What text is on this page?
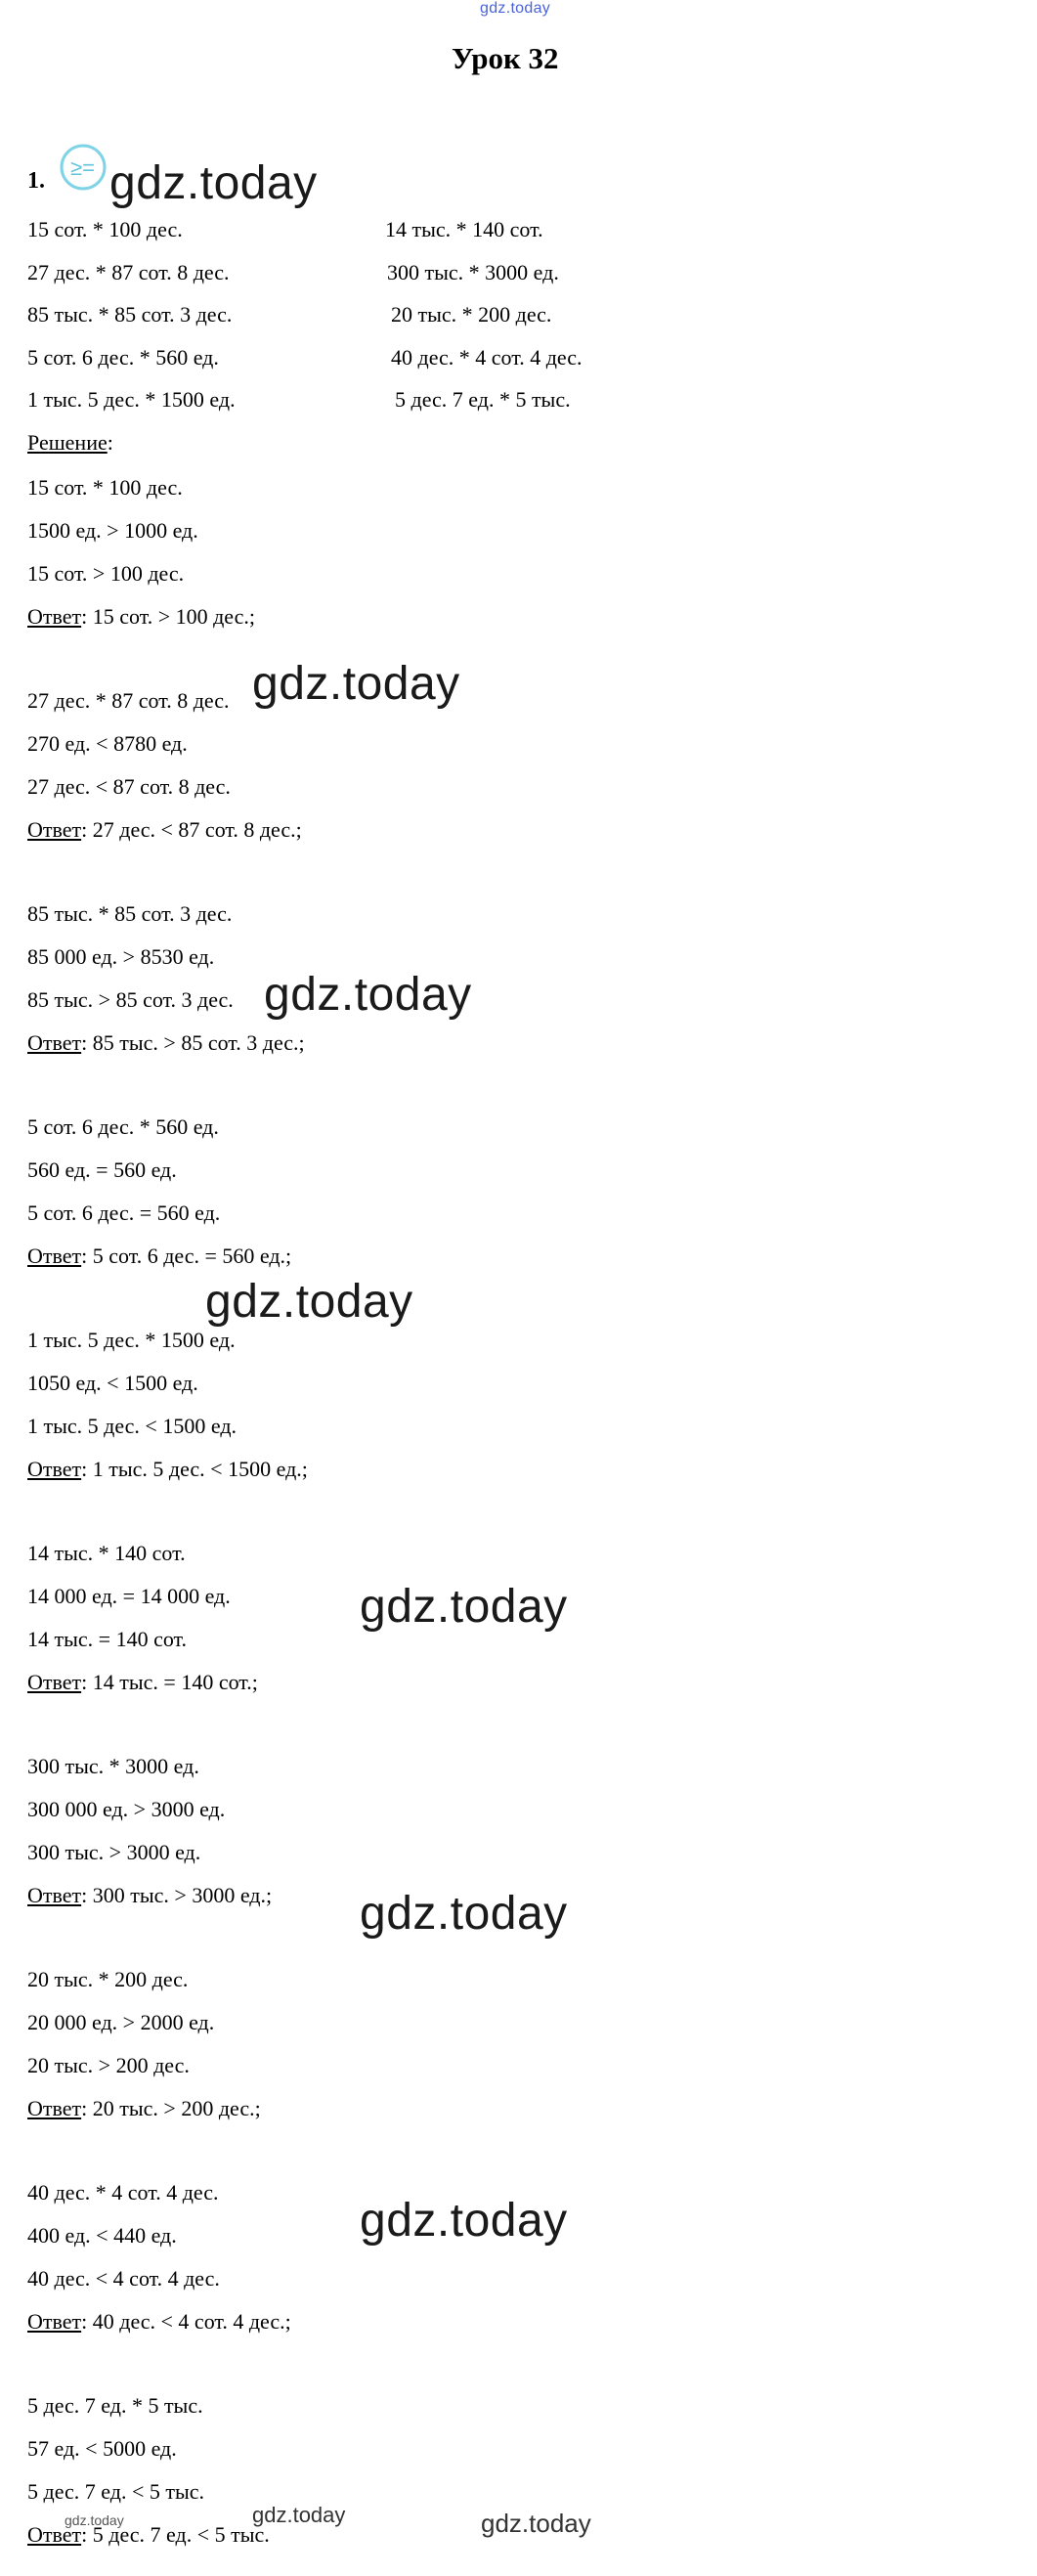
gdz.today
Урок 32
1.
≥=
15 сот. * 100 дес.
27 дес. * 87 сот. 8 дес.
85 тыс. * 85 сот. 3 дес.
5 сот. 6 дес. * 560 ед.
1 тыс. 5 дес. * 1500 ед.
14 тыс. * 140 сот.
300 тыс. * 3000 ед.
20 тыс. * 200 дес.
40 дес. * 4 сот. 4 дес.
5 дес. 7 ед. * 5 тыс.
Решение:
15 сот. * 100 дес.
1500 ед. > 1000 ед.
15 сот. > 100 дес.
Ответ: 15 сот. > 100 дес.;
27 дес. * 87 сот. 8 дес.
270 ед. < 8780 ед.
27 дес. < 87 сот. 8 дес.
Ответ: 27 дес. < 87 сот. 8 дес.;
85 тыс. * 85 сот. 3 дес.
85 000 ед. > 8530 ед.
85 тыс. > 85 сот. 3 дес.
Ответ: 85 тыс. > 85 сот. 3 дес.;
5 сот. 6 дес. * 560 ед.
560 ед. = 560 ед.
5 сот. 6 дес. = 560 ед.
Ответ: 5 сот. 6 дес. = 560 ед.;
1 тыс. 5 дес. * 1500 ед.
1050 ед. < 1500 ед.
1 тыс. 5 дес. < 1500 ед.
Ответ: 1 тыс. 5 дес. < 1500 ед.;
14 тыс. * 140 сот.
14 000 ед. = 14 000 ед.
14 тыс. = 140 сот.
Ответ: 14 тыс. = 140 сот.;
300 тыс. * 3000 ед.
300 000 ед. > 3000 ед.
300 тыс. > 3000 ед.
Ответ: 300 тыс. > 3000 ед.;
20 тыс. * 200 дес.
20 000 ед. > 2000 ед.
20 тыс. > 200 дес.
Ответ: 20 тыс. > 200 дес.;
40 дес. * 4 сот. 4 дес.
400 ед. < 440 ед.
40 дес. < 4 сот. 4 дес.
Ответ: 40 дес. < 4 сот. 4 дес.;
5 дес. 7 ед. * 5 тыс.
57 ед. < 5000 ед.
5 дес. 7 ед. < 5 тыс.
Ответ: 5 дес. 7 ед. < 5 тыс.
gdz.today
gdz.today
gdz.today
gdz.today
gdz.today
gdz.today
gdz.today
gdz.today
gdz.today
gdz.today
